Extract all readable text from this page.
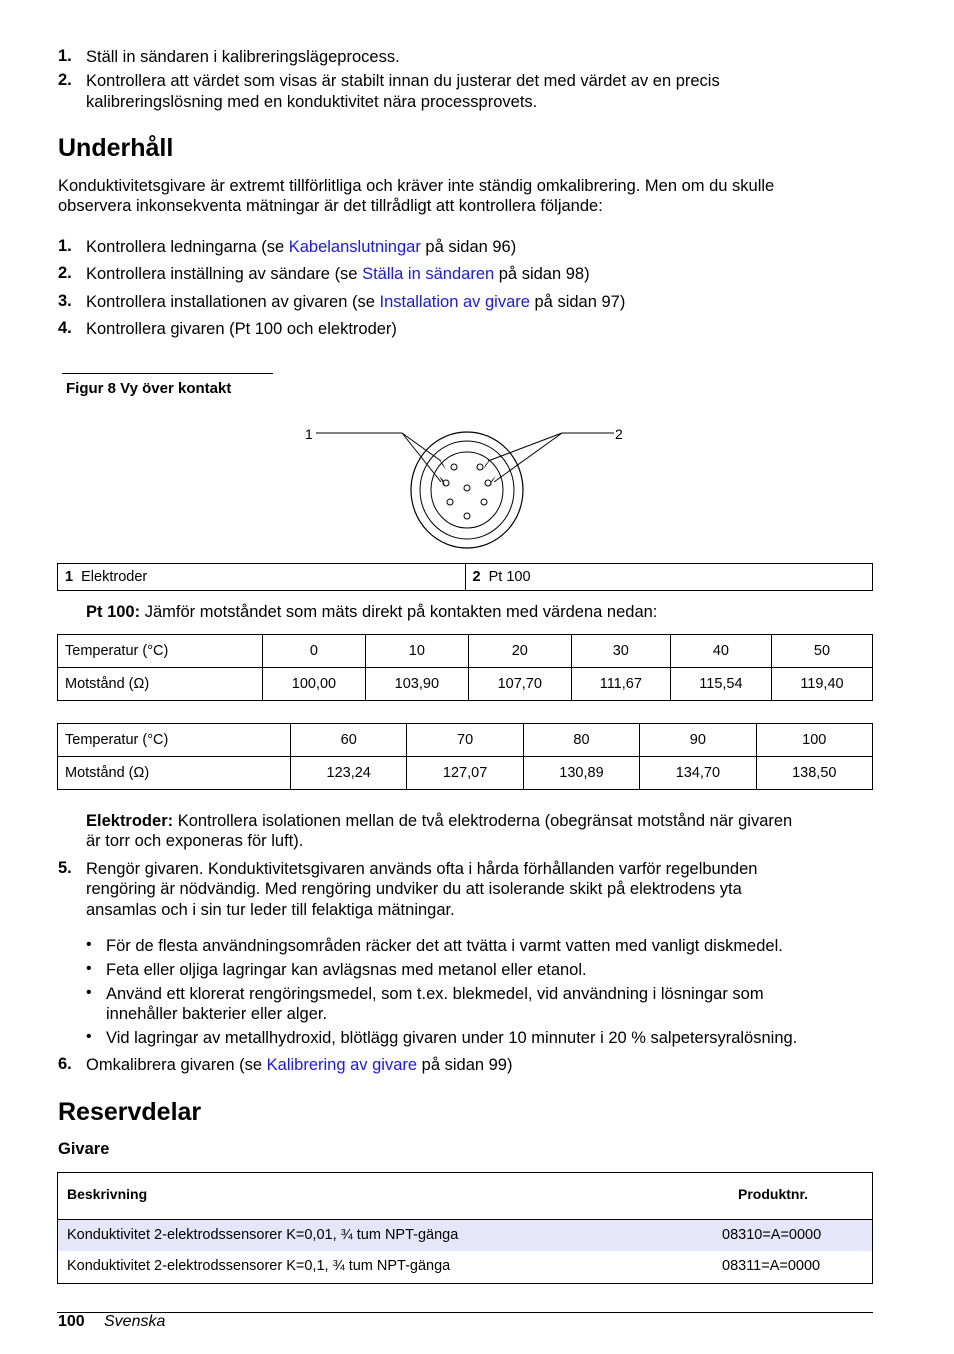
1. Ställ in sändaren i kalibreringslägeprocess.
2. Kontrollera att värdet som visas är stabilt innan du justerar det med värdet av en precis
kalibreringslösning med en konduktivitet nära processprovets.
Underhåll
Konduktivitetsgivare är extremt tillförlitliga och kräver inte ständig omkalibrering. Men om du skulle
observera inkonsekventa mätningar är det tillrådligt att kontrollera följande:
1. Kontrollera ledningarna (se Kabelanslutningar på sidan 96)
2. Kontrollera inställning av sändare (se Ställa in sändaren på sidan 98)
3. Kontrollera installationen av givaren (se Installation av givare på sidan 97)
4. Kontrollera givaren (Pt 100 och elektroder)
Figur 8 Vy över kontakt
1	2
1 Elektroder	2 Pt 100
Pt 100: Jämför motståndet som mäts direkt på kontakten med värdena nedan:
Temperatur (°C)	0	10	20	30	40	50
Motstånd (Ω)	100,00	103,90	107,70	111,67	115,54	119,40
Temperatur (°C)	60	70	80	90	100
Motstånd (Ω)	123,24	127,07	130,89	134,70	138,50
Elektroder: Kontrollera isolationen mellan de två elektroderna (obegränsat motstånd när givaren
är torr och exponeras för luft).
5. Rengör givaren. Konduktivitetsgivaren används ofta i hårda förhållanden varför regelbunden
rengöring är nödvändig. Med rengöring undviker du att isolerande skikt på elektrodens yta
ansamlas och i sin tur leder till felaktiga mätningar.
• För de flesta användningsområden räcker det att tvätta i varmt vatten med vanligt diskmedel.
• Feta eller oljiga lagringar kan avlägsnas med metanol eller etanol.
• Använd ett klorerat rengöringsmedel, som t.ex. blekmedel, vid användning i lösningar som
innehåller bakterier eller alger.
• Vid lagringar av metallhydroxid, blötlägg givaren under 10 minnuter i 20 % salpetersyralösning.
6. Omkalibrera givaren (se Kalibrering av givare på sidan 99)
Reservdelar
Givare
Beskrivning	Produktnr.
Konduktivitet 2-elektrodssensorer K=0,01, ¾ tum NPT-gänga	08310=A=0000
Konduktivitet 2-elektrodssensorer K=0,1, ¾ tum NPT-gänga	08311=A=0000
100 Svenska
